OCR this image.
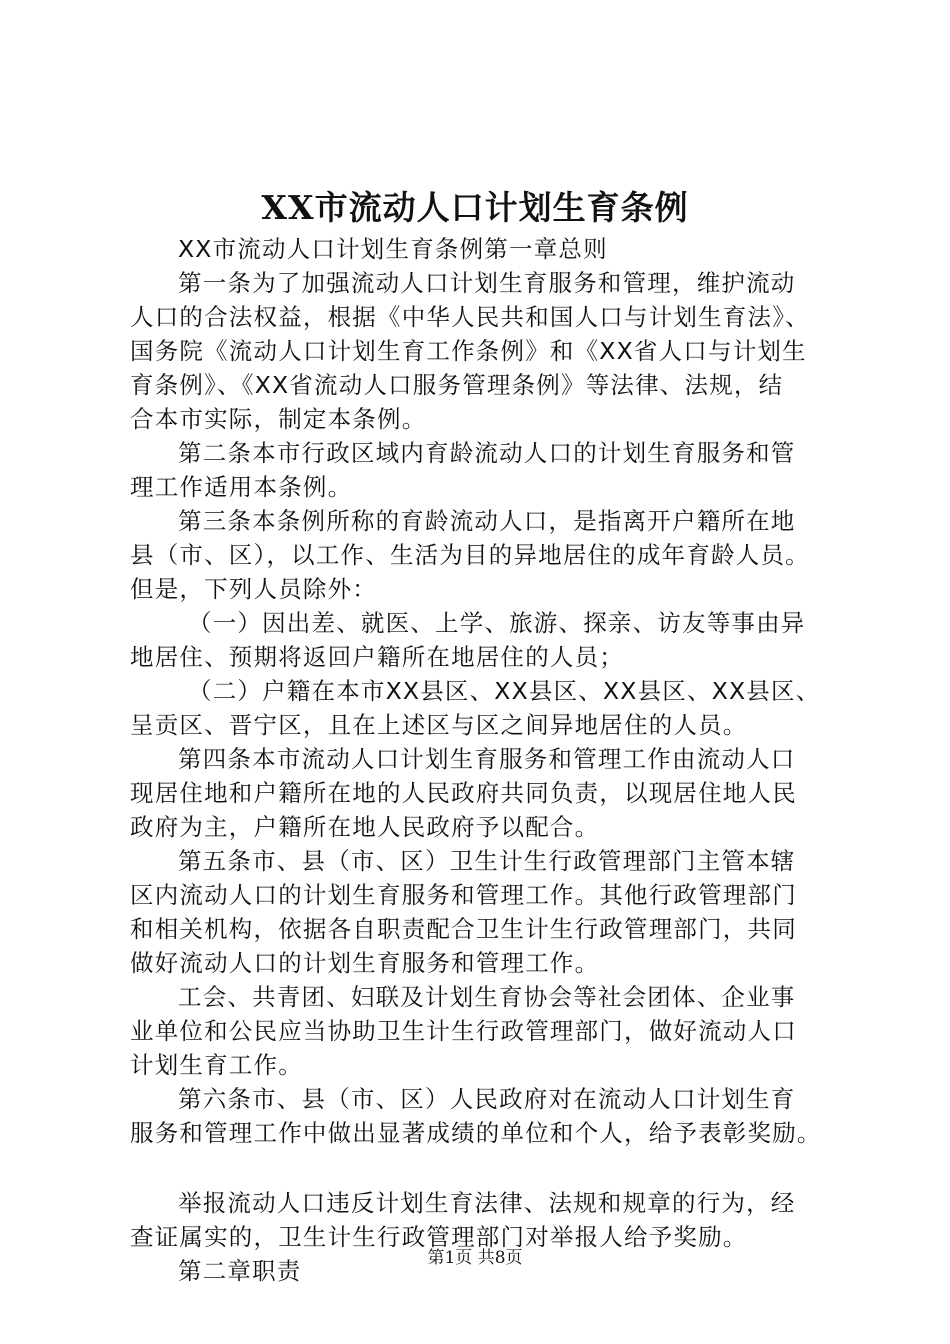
XX市流动人口计划生育条例
XX市流动人口计划生育条例第一章总则
第一条为了加强流动人口计划生育服务和管理，维护流动
人口的合法权益，根据《中华人民共和国人口与计划生育法》、
国务院《流动人口计划生育工作条例》和《XX省人口与计划生
育条例》、《XX省流动人口服务管理条例》等法律、法规，结
合本市实际，制定本条例。
第二条本市行政区域内育龄流动人口的计划生育服务和管
理工作适用本条例。
第三条本条例所称的育龄流动人口，是指离开户籍所在地
县（市、区），以工作、生活为目的异地居住的成年育龄人员。
但是，下列人员除外：
（一）因出差、就医、上学、旅游、探亲、访友等事由异
地居住、预期将返回户籍所在地居住的人员；
（二）户籍在本市XX县区、XX县区、XX县区、XX县区、
呈贡区、晋宁区，且在上述区与区之间异地居住的人员。
第四条本市流动人口计划生育服务和管理工作由流动人口
现居住地和户籍所在地的人民政府共同负责，以现居住地人民
政府为主，户籍所在地人民政府予以配合。
第五条市、县（市、区）卫生计生行政管理部门主管本辖
区内流动人口的计划生育服务和管理工作。其他行政管理部门
和相关机构，依据各自职责配合卫生计生行政管理部门，共同
做好流动人口的计划生育服务和管理工作。
工会、共青团、妇联及计划生育协会等社会团体、企业事
业单位和公民应当协助卫生计生行政管理部门，做好流动人口
计划生育工作。
第六条市、县（市、区）人民政府对在流动人口计划生育
服务和管理工作中做出显著成绩的单位和个人，给予表彰奖励。
举报流动人口违反计划生育法律、法规和规章的行为，经
查证属实的，卫生计生行政管理部门对举报人给予奖励。
第二章职责	第1页 共8页
